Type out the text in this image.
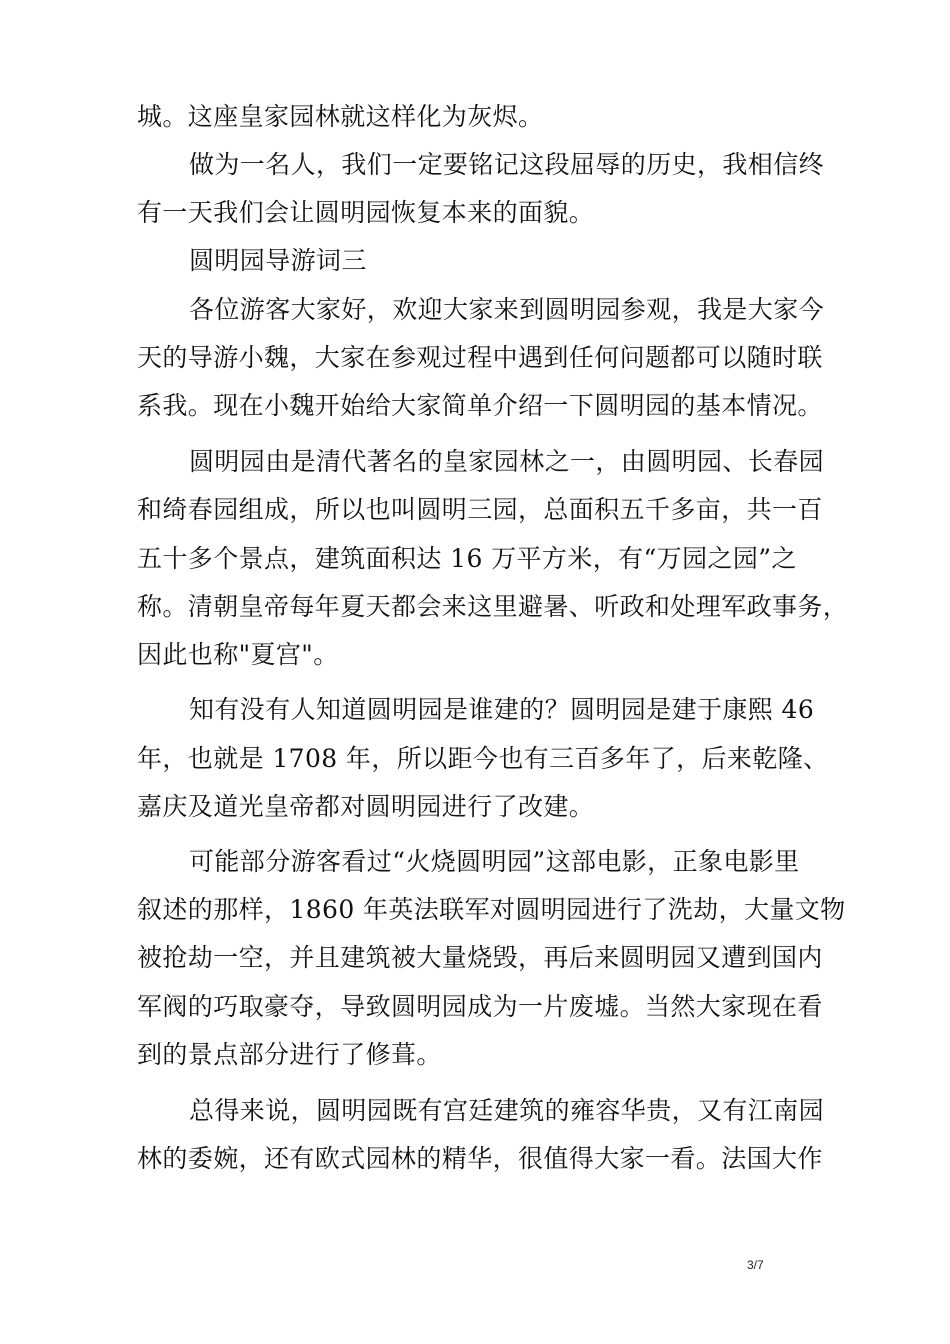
城。这座皇家园林就这样化为灰烬。
做为一名人，我们一定要铭记这段屈辱的历史，我相信终
有一天我们会让圆明园恢复本来的面貌。
圆明园导游词三
各位游客大家好，欢迎大家来到圆明园参观，我是大家今
天的导游小魏，大家在参观过程中遇到任何问题都可以随时联
系我。现在小魏开始给大家简单介绍一下圆明园的基本情况。
圆明园由是清代著名的皇家园林之一，由圆明园、长春园
和绮春园组成，所以也叫圆明三园，总面积五千多亩，共一百
五十多个景点，建筑面积达 16 万平方米，有“万园之园”之
称。清朝皇帝每年夏天都会来这里避暑、听政和处理军政事务，
因此也称"夏宫"。
知有没有人知道圆明园是谁建的？圆明园是建于康熙 46
年，也就是 1708 年，所以距今也有三百多年了，后来乾隆、
嘉庆及道光皇帝都对圆明园进行了改建。
可能部分游客看过“火烧圆明园”这部电影，正象电影里
叙述的那样，1860 年英法联军对圆明园进行了洗劫，大量文物
被抢劫一空，并且建筑被大量烧毁，再后来圆明园又遭到国内
军阀的巧取豪夺，导致圆明园成为一片废墟。当然大家现在看
到的景点部分进行了修葺。
总得来说，圆明园既有宫廷建筑的雍容华贵，又有江南园
林的委婉，还有欧式园林的精华，很值得大家一看。法国大作
3/7
